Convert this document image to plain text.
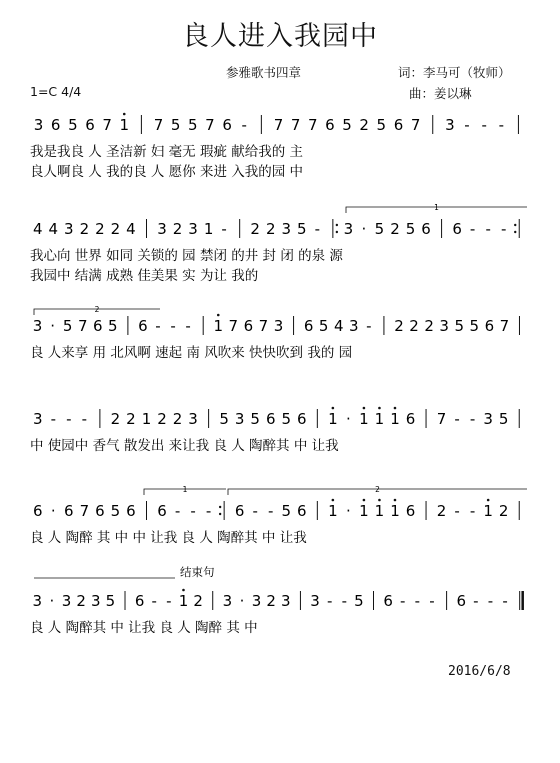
良人进入我园中
参雅歌书四章	词：李马可（牧师）
1=C 4/4	曲：姜以琳
3 6 5 6 7 1 7 5 5 7 6 - 7 7 7 6 5 2 5 6 7 3 - - -
我是我良 人 圣洁新 妇 毫无 瑕疵 献给我的 主
良人啊良 人 我的良 人 愿你 来进 入我的园 中
4 4 3 2 2 2 4 3 2 3 1 - 2 2 3 5 - 3 · 5 2 5 6 6 - - -
我心向 世界 如同 关锁的 园 禁闭 的井 封 闭 的泉 源
我园中 结满 成熟 佳美果 实 为让 我的
3 · 5 7 6 5 6 - - - 1 7 6 7 3 6 5 4 3 - 2 2 2 3 5 5 6 7
良 人来享 用 北风啊 速起 南 风吹来 快快吹到 我的 园
3 - - - 2 2 1 2 2 3 5 3 5 6 5 6 1 · 1 1 1 6 7 - - 3 5
中 使园中 香气 散发出 来让我 良 人 陶醉其 中 让我
6 · 6 7 6 5 6 6 - - - 6 - - 5 6 1 · 1 1 1 6 2 - - 1 2
良 人 陶醉 其 中 中 让我 良 人 陶醉其 中 让我
3 · 3 2 3 5 6 - - 1 2 3 · 3 2 3 3 - - 5 6 - - - 6 - - -
良 人 陶醉其 中 让我 良 人 陶醉 其 中
1
2
1	2
结束句
2016/6/8
